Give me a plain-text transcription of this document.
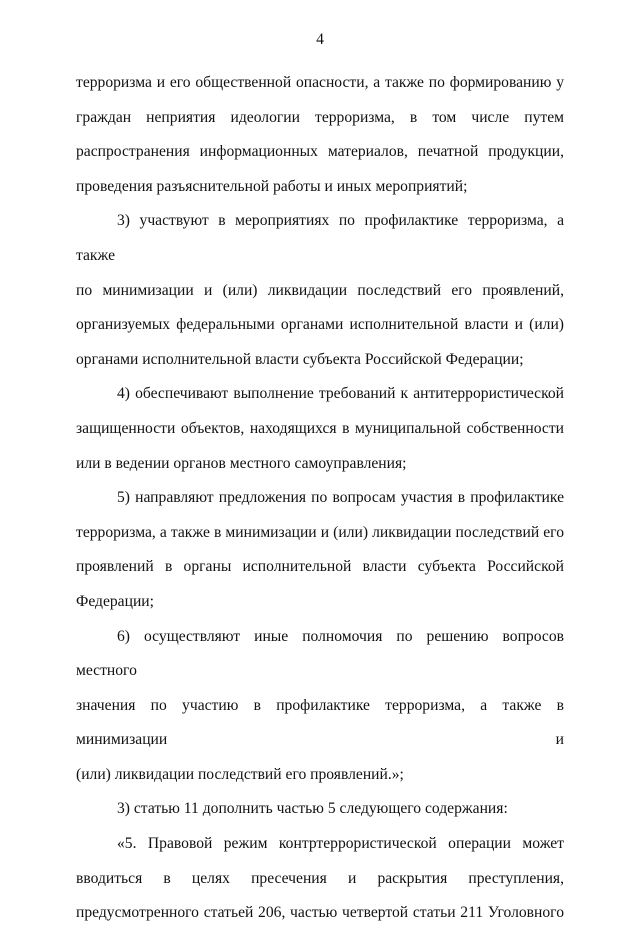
4

терроризма и его общественной опасности, а также по формированию у

граждан неприятия идеологии терроризма, в том числе путем

распространения информационных материалов, печатной продукции,

проведения разъяснительной работы и иных мероприятий;

3) участвуют в мероприятиях по профилактике терроризма, а также

по минимизации и (или) ликвидации последствий его проявлений,

организуемых федеральными органами исполнительной власти и (или)

органами исполнительной власти субъекта Российской Федерации;

4) обеспечивают выполнение требований к антитеррористической

защищенности объектов, находящихся в муниципальной собственности

или в ведении органов местного самоуправления;

5) направляют предложения по вопросам участия в профилактике

терроризма, а также в минимизации и (или) ликвидации последствий его

проявлений в органы исполнительной власти субъекта Российской

Федерации;

6) осуществляют иные полномочия по решению вопросов местного

значения по участию в профилактике терроризма, а также в минимизации и

(или) ликвидации последствий его проявлений.»;

3) статью 11 дополнить частью 5 следующего содержания:

«5. Правовой режим контртеррористической операции может

вводиться в целях пресечения и раскрытия преступления,

предусмотренного статьей 206, частью четвертой статьи 211 Уголовного
